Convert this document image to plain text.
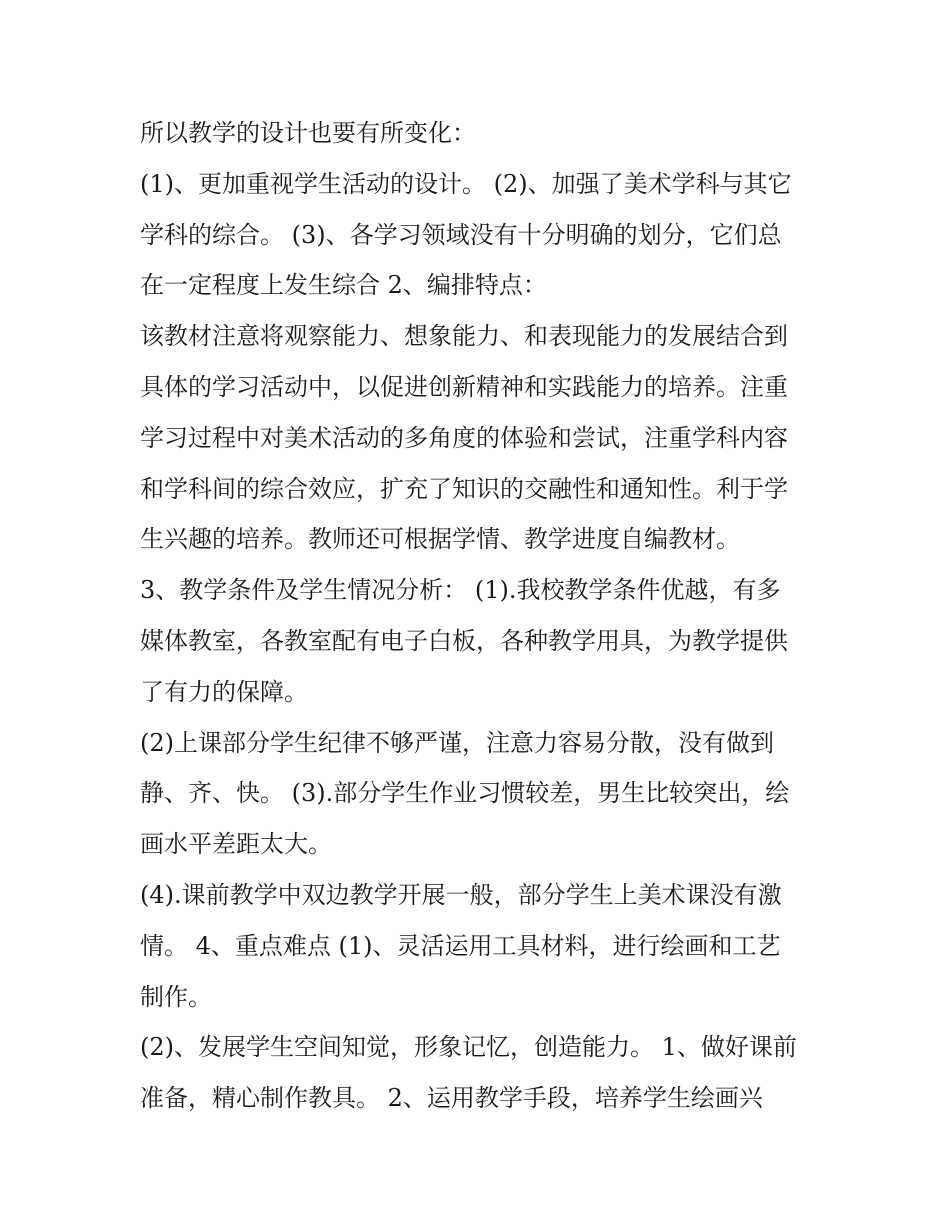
所以教学的设计也要有所变化：
(1)、更加重视学生活动的设计。 (2)、加强了美术学科与其它
学科的综合。 (3)、各学习领域没有十分明确的划分，它们总
在一定程度上发生综合 2、编排特点：
该教材注意将观察能力、想象能力、和表现能力的发展结合到
具体的学习活动中，以促进创新精神和实践能力的培养。注重
学习过程中对美术活动的多角度的体验和尝试，注重学科内容
和学科间的综合效应，扩充了知识的交融性和通知性。利于学
生兴趣的培养。教师还可根据学情、教学进度自编教材。
3、教学条件及学生情况分析： (1).我校教学条件优越，有多
媒体教室，各教室配有电子白板，各种教学用具，为教学提供
了有力的保障。
(2)上课部分学生纪律不够严谨，注意力容易分散，没有做到
静、齐、快。 (3).部分学生作业习惯较差，男生比较突出，绘
画水平差距太大。
(4).课前教学中双边教学开展一般，部分学生上美术课没有激
情。 4、重点难点 (1)、灵活运用工具材料，进行绘画和工艺
制作。
(2)、发展学生空间知觉，形象记忆，创造能力。 1、做好课前
准备，精心制作教具。 2、运用教学手段，培养学生绘画兴
